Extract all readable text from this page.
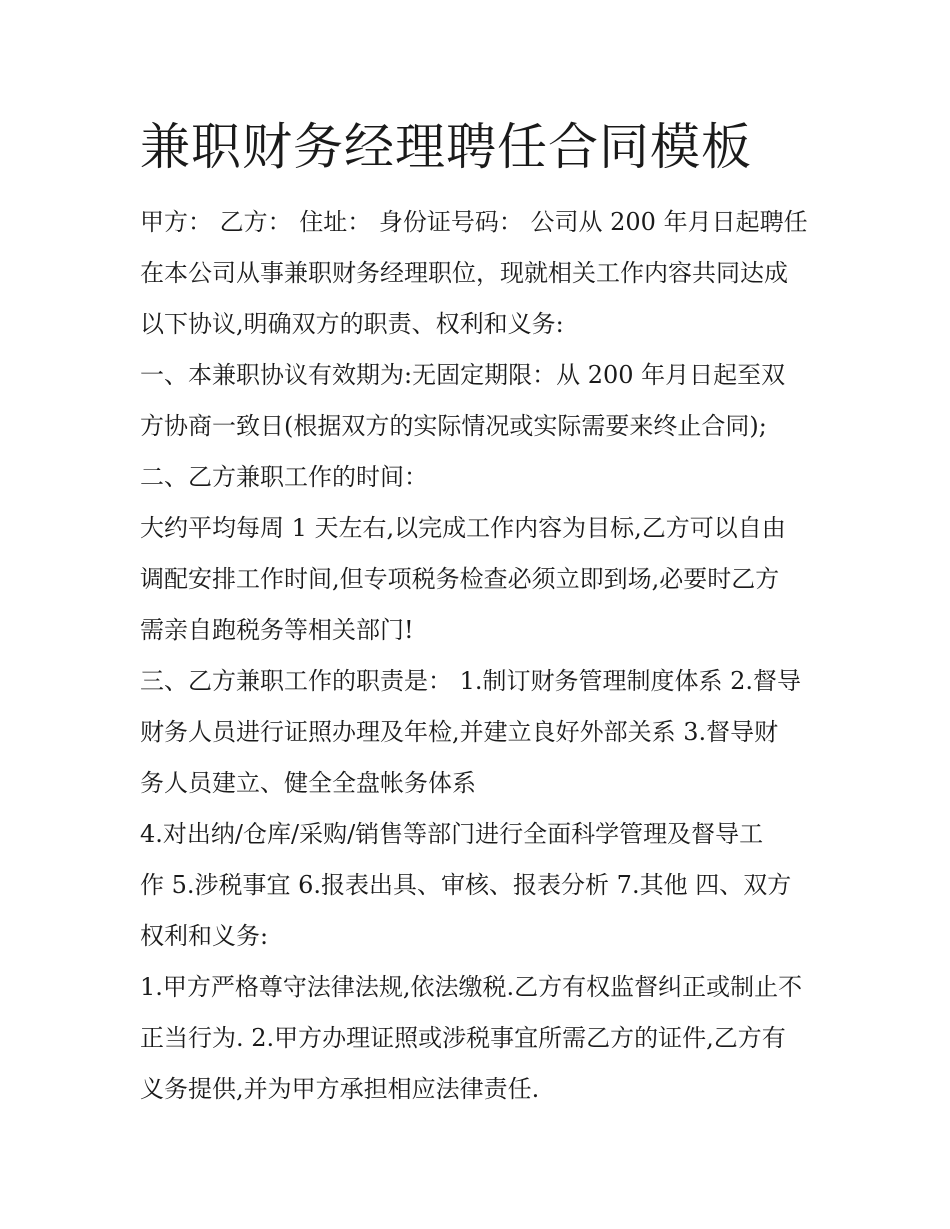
兼职财务经理聘任合同模板
甲方： 乙方： 住址： 身份证号码： 公司从 200 年月日起聘任
在本公司从事兼职财务经理职位，现就相关工作内容共同达成
以下协议,明确双方的职责、权利和义务:
一、本兼职协议有效期为:无固定期限：从 200 年月日起至双
方协商一致日(根据双方的实际情况或实际需要来终止合同);
二、乙方兼职工作的时间：
大约平均每周 1 天左右,以完成工作内容为目标,乙方可以自由
调配安排工作时间,但专项税务检查必须立即到场,必要时乙方
需亲自跑税务等相关部门!
三、乙方兼职工作的职责是： 1.制订财务管理制度体系 2.督导
财务人员进行证照办理及年检,并建立良好外部关系 3.督导财
务人员建立、健全全盘帐务体系
4.对出纳/仓库/采购/销售等部门进行全面科学管理及督导工
作 5.涉税事宜 6.报表出具、审核、报表分析 7.其他 四、双方
权利和义务:
1.甲方严格尊守法律法规,依法缴税.乙方有权监督纠正或制止不
正当行为. 2.甲方办理证照或涉税事宜所需乙方的证件,乙方有
义务提供,并为甲方承担相应法律责任.
